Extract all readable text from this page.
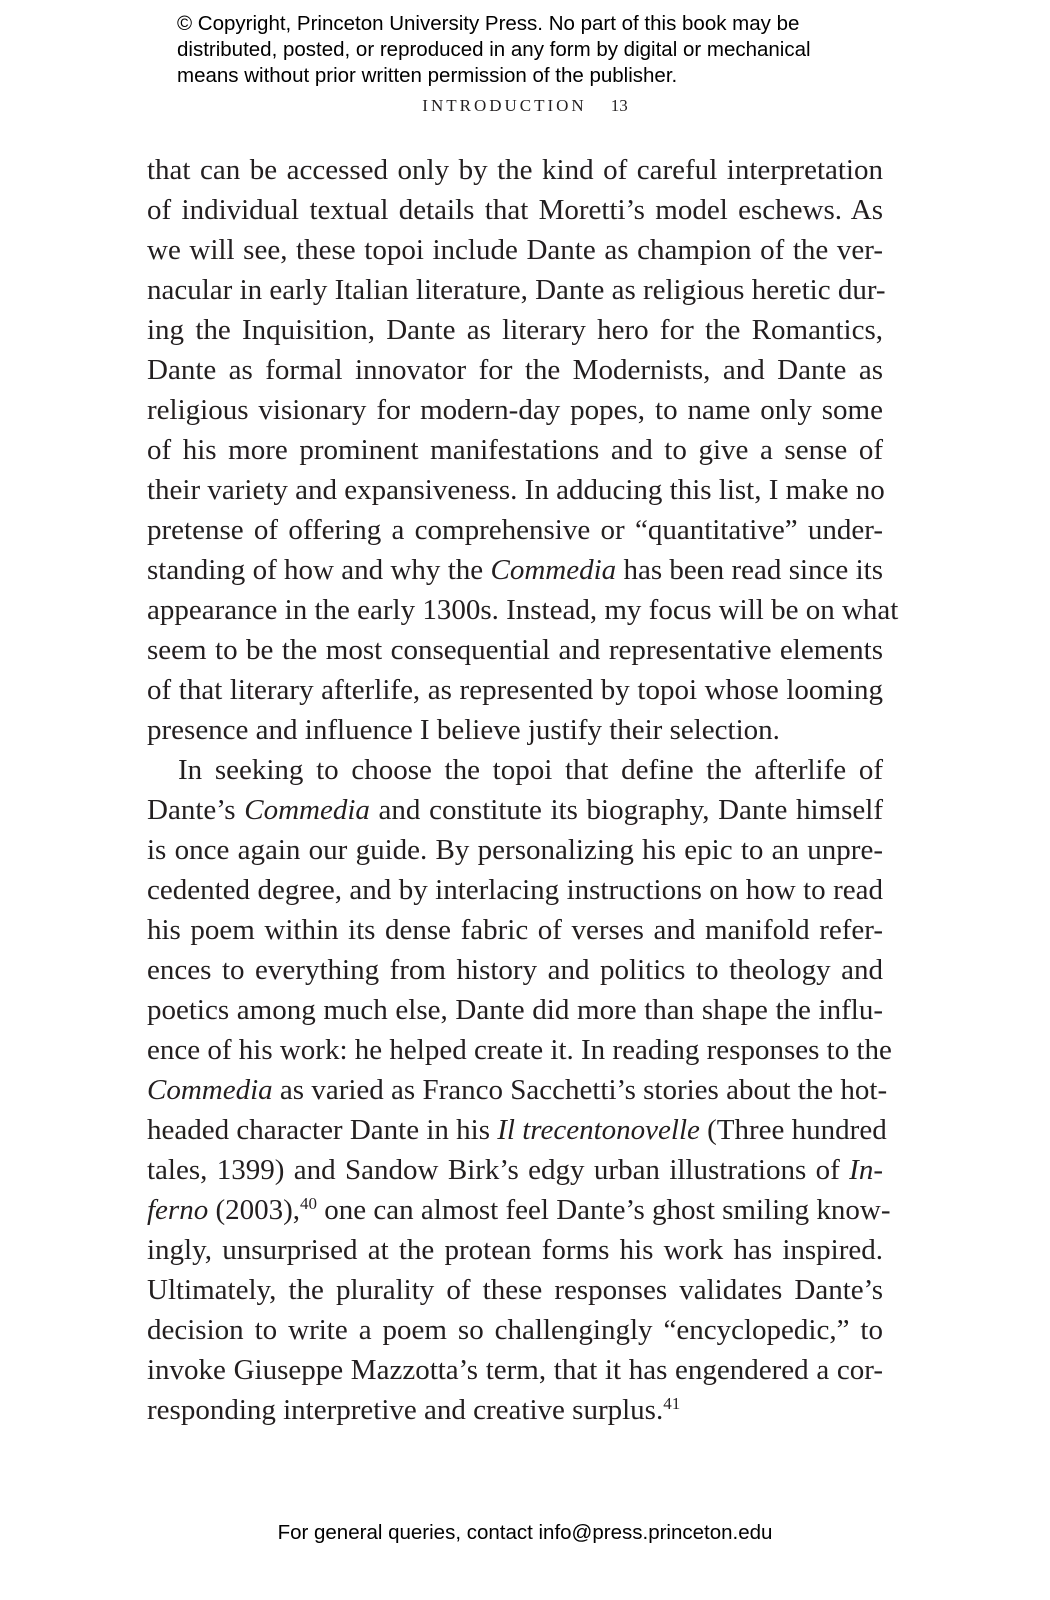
© Copyright, Princeton University Press. No part of this book may be
distributed, posted, or reproduced in any form by digital or mechanical
means without prior written permission of the publisher.
INTRODUCTION 13
that can be accessed only by the kind of careful interpretation
of individual textual details that Moretti’s model eschews. As
we will see, these topoi include Dante as champion of the ver-
nacular in early Italian literature, Dante as religious heretic dur-
ing the Inquisition, Dante as literary hero for the Romantics,
Dante as formal innovator for the Modernists, and Dante as
religious visionary for modern-day popes, to name only some
of his more prominent manifestations and to give a sense of
their variety and expansiveness. In adducing this list, I make no
pretense of offering a comprehensive or “quantitative” under-
standing of how and why the Commedia has been read since its
appearance in the early 1300s. Instead, my focus will be on what
seem to be the most consequential and representative elements
of that literary afterlife, as represented by topoi whose looming
presence and influence I believe justify their selection.
In seeking to choose the topoi that define the afterlife of
Dante’s Commedia and constitute its biography, Dante himself
is once again our guide. By personalizing his epic to an unpre-
cedented degree, and by interlacing instructions on how to read
his poem within its dense fabric of verses and manifold refer-
ences to everything from history and politics to theology and
poetics among much else, Dante did more than shape the influ-
ence of his work: he helped create it. In reading responses to the
Commedia as varied as Franco Sacchetti’s stories about the hot-
headed character Dante in his Il trecentonovelle (Three hundred
tales, 1399) and Sandow Birk’s edgy urban illustrations of In-
ferno (2003),$^{40}$ one can almost feel Dante’s ghost smiling know-
ingly, unsurprised at the protean forms his work has inspired.
Ultimately, the plurality of these responses validates Dante’s
decision to write a poem so challengingly “encyclopedic,” to
invoke Giuseppe Mazzotta’s term, that it has engendered a cor-
responding interpretive and creative surplus.$^{41}$
For general queries, contact info@press.princeton.edu
